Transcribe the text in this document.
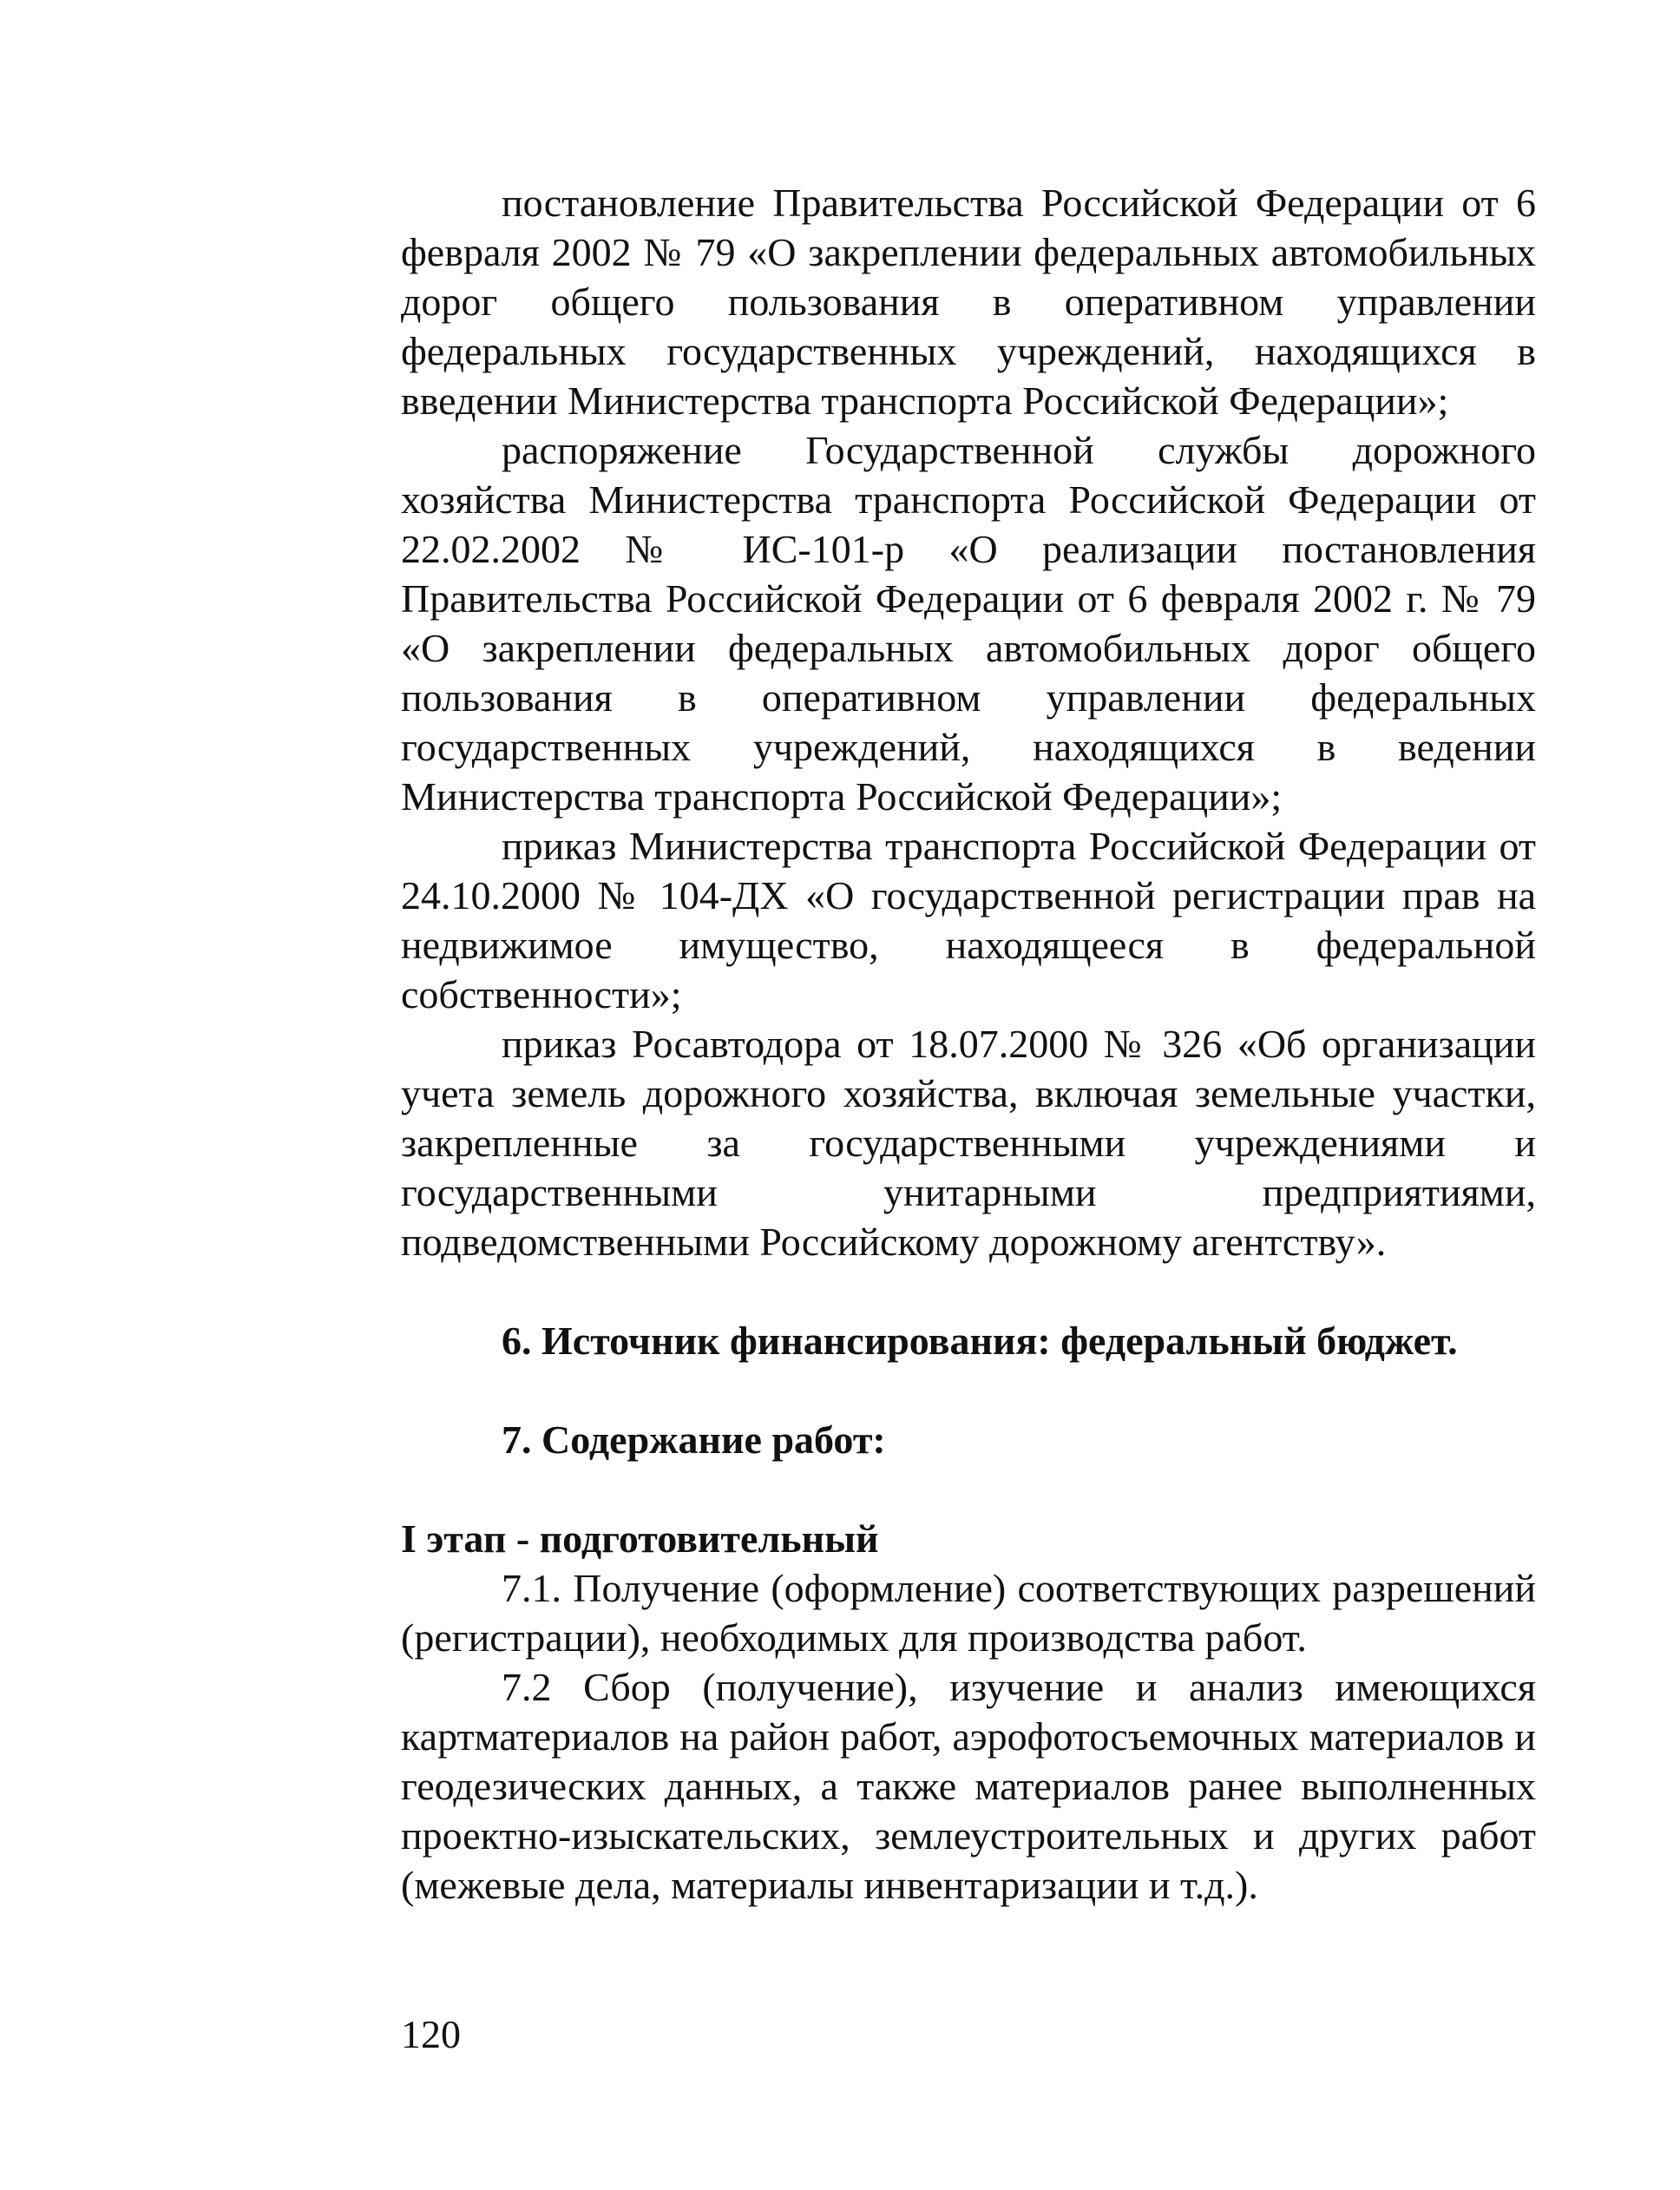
постановление Правительства Российской Федерации от 6 февраля 2002 № 79 «О закреплении федеральных автомобильных дорог общего пользования в оперативном управлении федеральных государственных учреждений, находящихся в введении Министерства транспорта Российской Федерации»;

распоряжение Государственной службы дорожного хозяйства Министерства транспорта Российской Федерации от 22.02.2002 № ИС-101-р «О реализации постановления Правительства Российской Федерации от 6 февраля 2002 г. № 79 «О закреплении федеральных автомобильных дорог общего пользования в оперативном управлении федеральных государственных учреждений, находящихся в ведении Министерства транспорта Российской Федерации»;

приказ Министерства транспорта Российской Федерации от 24.10.2000 № 104-ДХ «О государственной регистрации прав на недвижимое имущество, находящееся в федеральной собственности»;

приказ Росавтодора от 18.07.2000 № 326 «Об организации учета земель дорожного хозяйства, включая земельные участки, закрепленные за государственными учреждениями и государственными унитарными предприятиями, подведомственными Российскому дорожному агентству».

6. Источник финансирования: федеральный бюджет.

7. Содержание работ:

I этап - подготовительный

7.1. Получение (оформление) соответствующих разрешений (регистрации), необходимых для производства работ.

7.2 Сбор (получение), изучение и анализ имеющихся картматериалов на район работ, аэрофотосъемочных материалов и геодезических данных, а также материалов ранее выполненных проектно-изыскательских, землеустроительных и других работ (межевые дела, материалы инвентаризации и т.д.).

120
